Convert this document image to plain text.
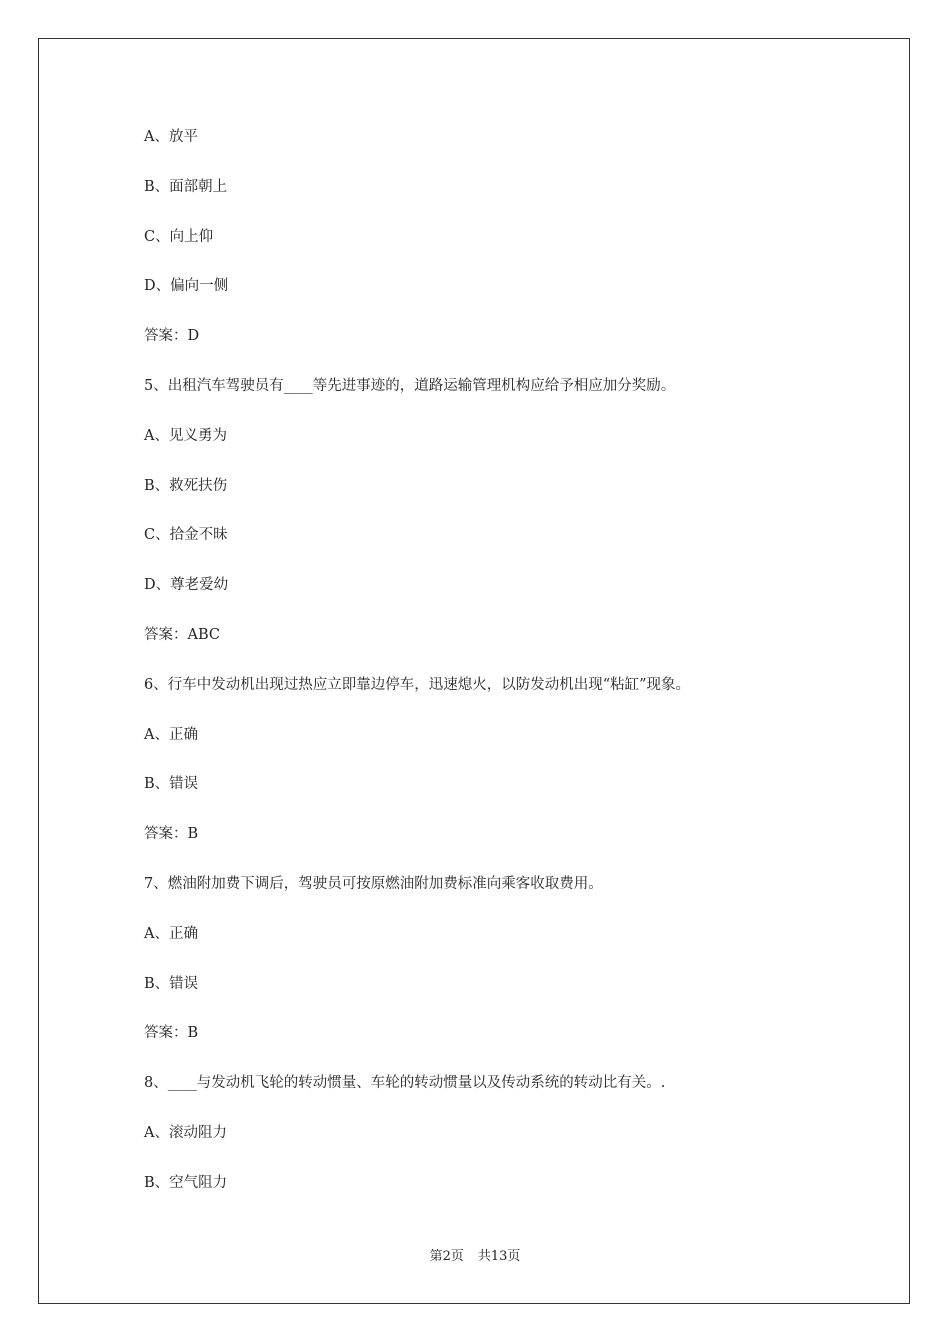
A、放平
B、面部朝上
C、向上仰
D、偏向一侧
答案：D
5、出租汽车驾驶员有____等先进事迹的，道路运输管理机构应给予相应加分奖励。
A、见义勇为
B、救死扶伤
C、拾金不昧
D、尊老爱幼
答案：ABC
6、行车中发动机出现过热应立即靠边停车，迅速熄火，以防发动机出现“粘缸”现象。
A、正确
B、错误
答案：B
7、燃油附加费下调后，驾驶员可按原燃油附加费标准向乘客收取费用。
A、正确
B、错误
答案：B
8、____与发动机飞轮的转动惯量、车轮的转动惯量以及传动系统的转动比有关。.
A、滚动阻力
B、空气阻力
第2页 共13页
